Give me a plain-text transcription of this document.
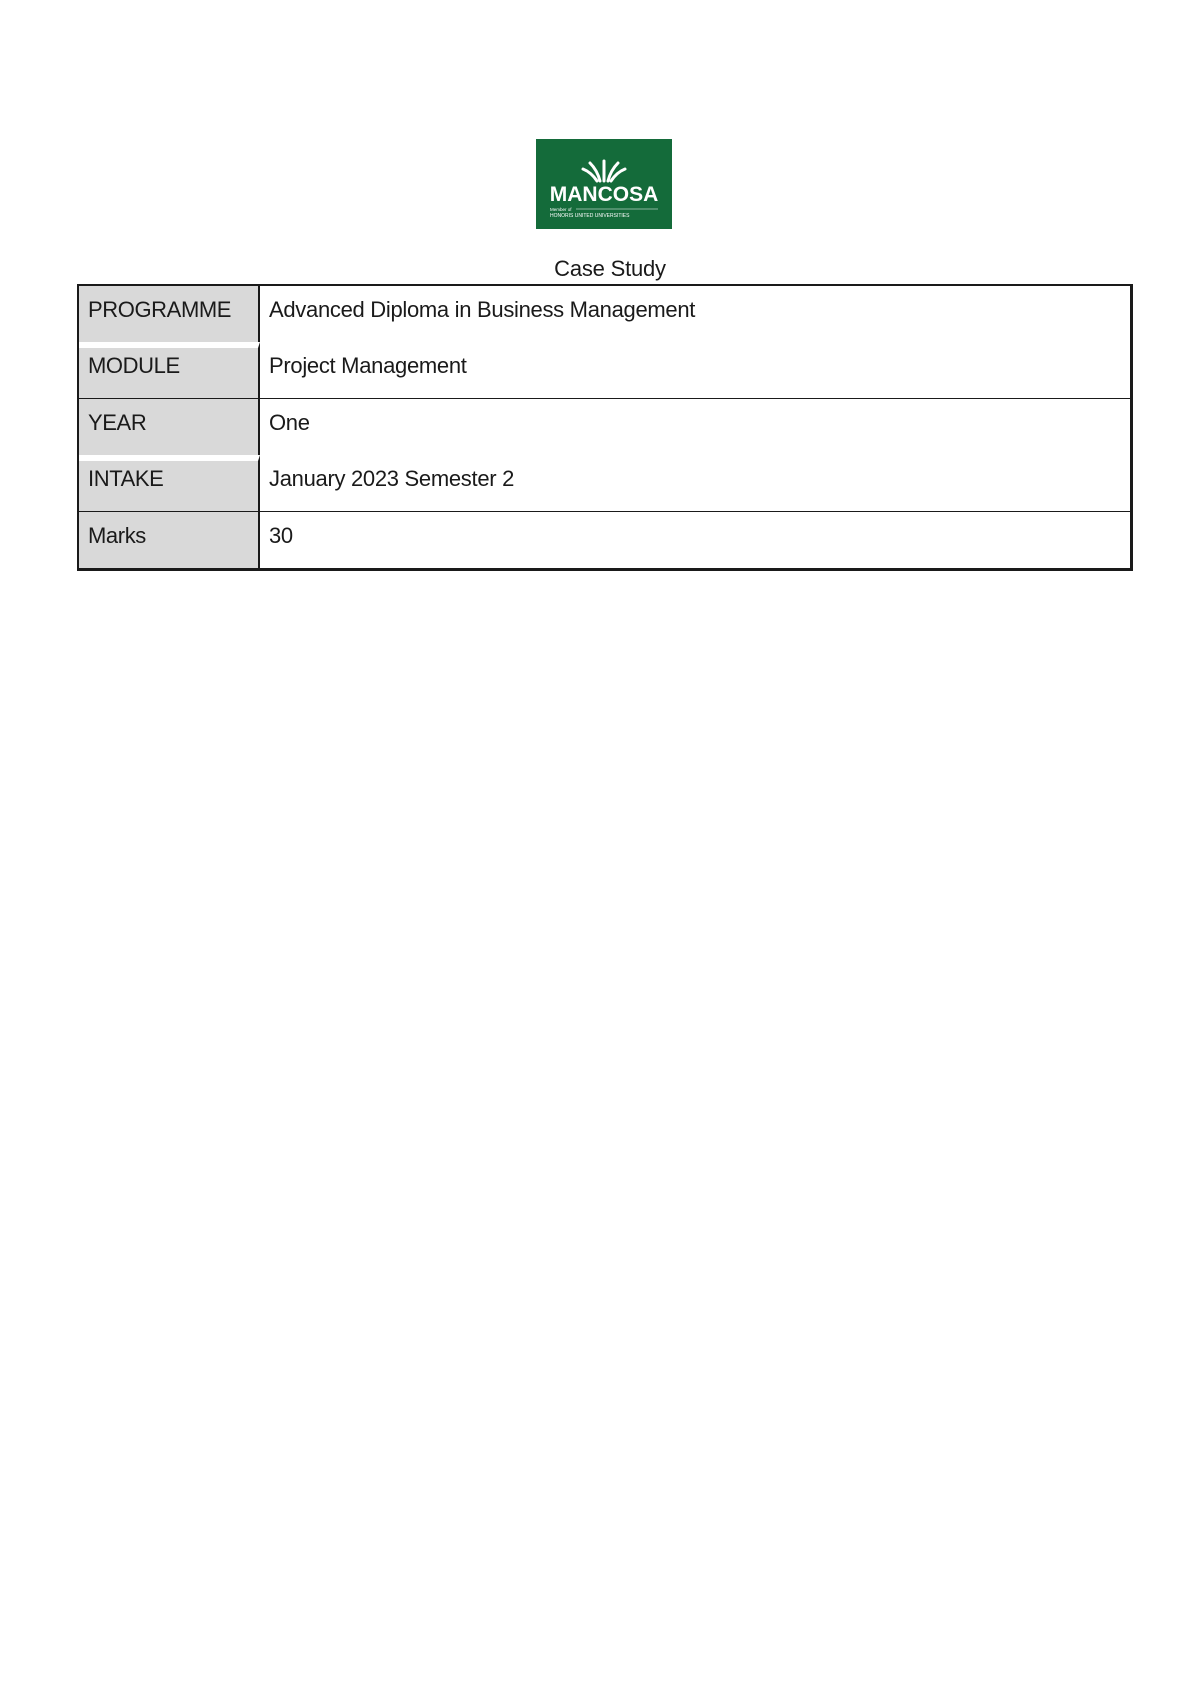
MANCOSA
Member of
HONORIS UNITED UNIVERSITIES
Case Study
PROGRAMME	Advanced Diploma in Business Management
MODULE	Project Management
YEAR	One
INTAKE	January 2023 Semester 2
Marks	30
